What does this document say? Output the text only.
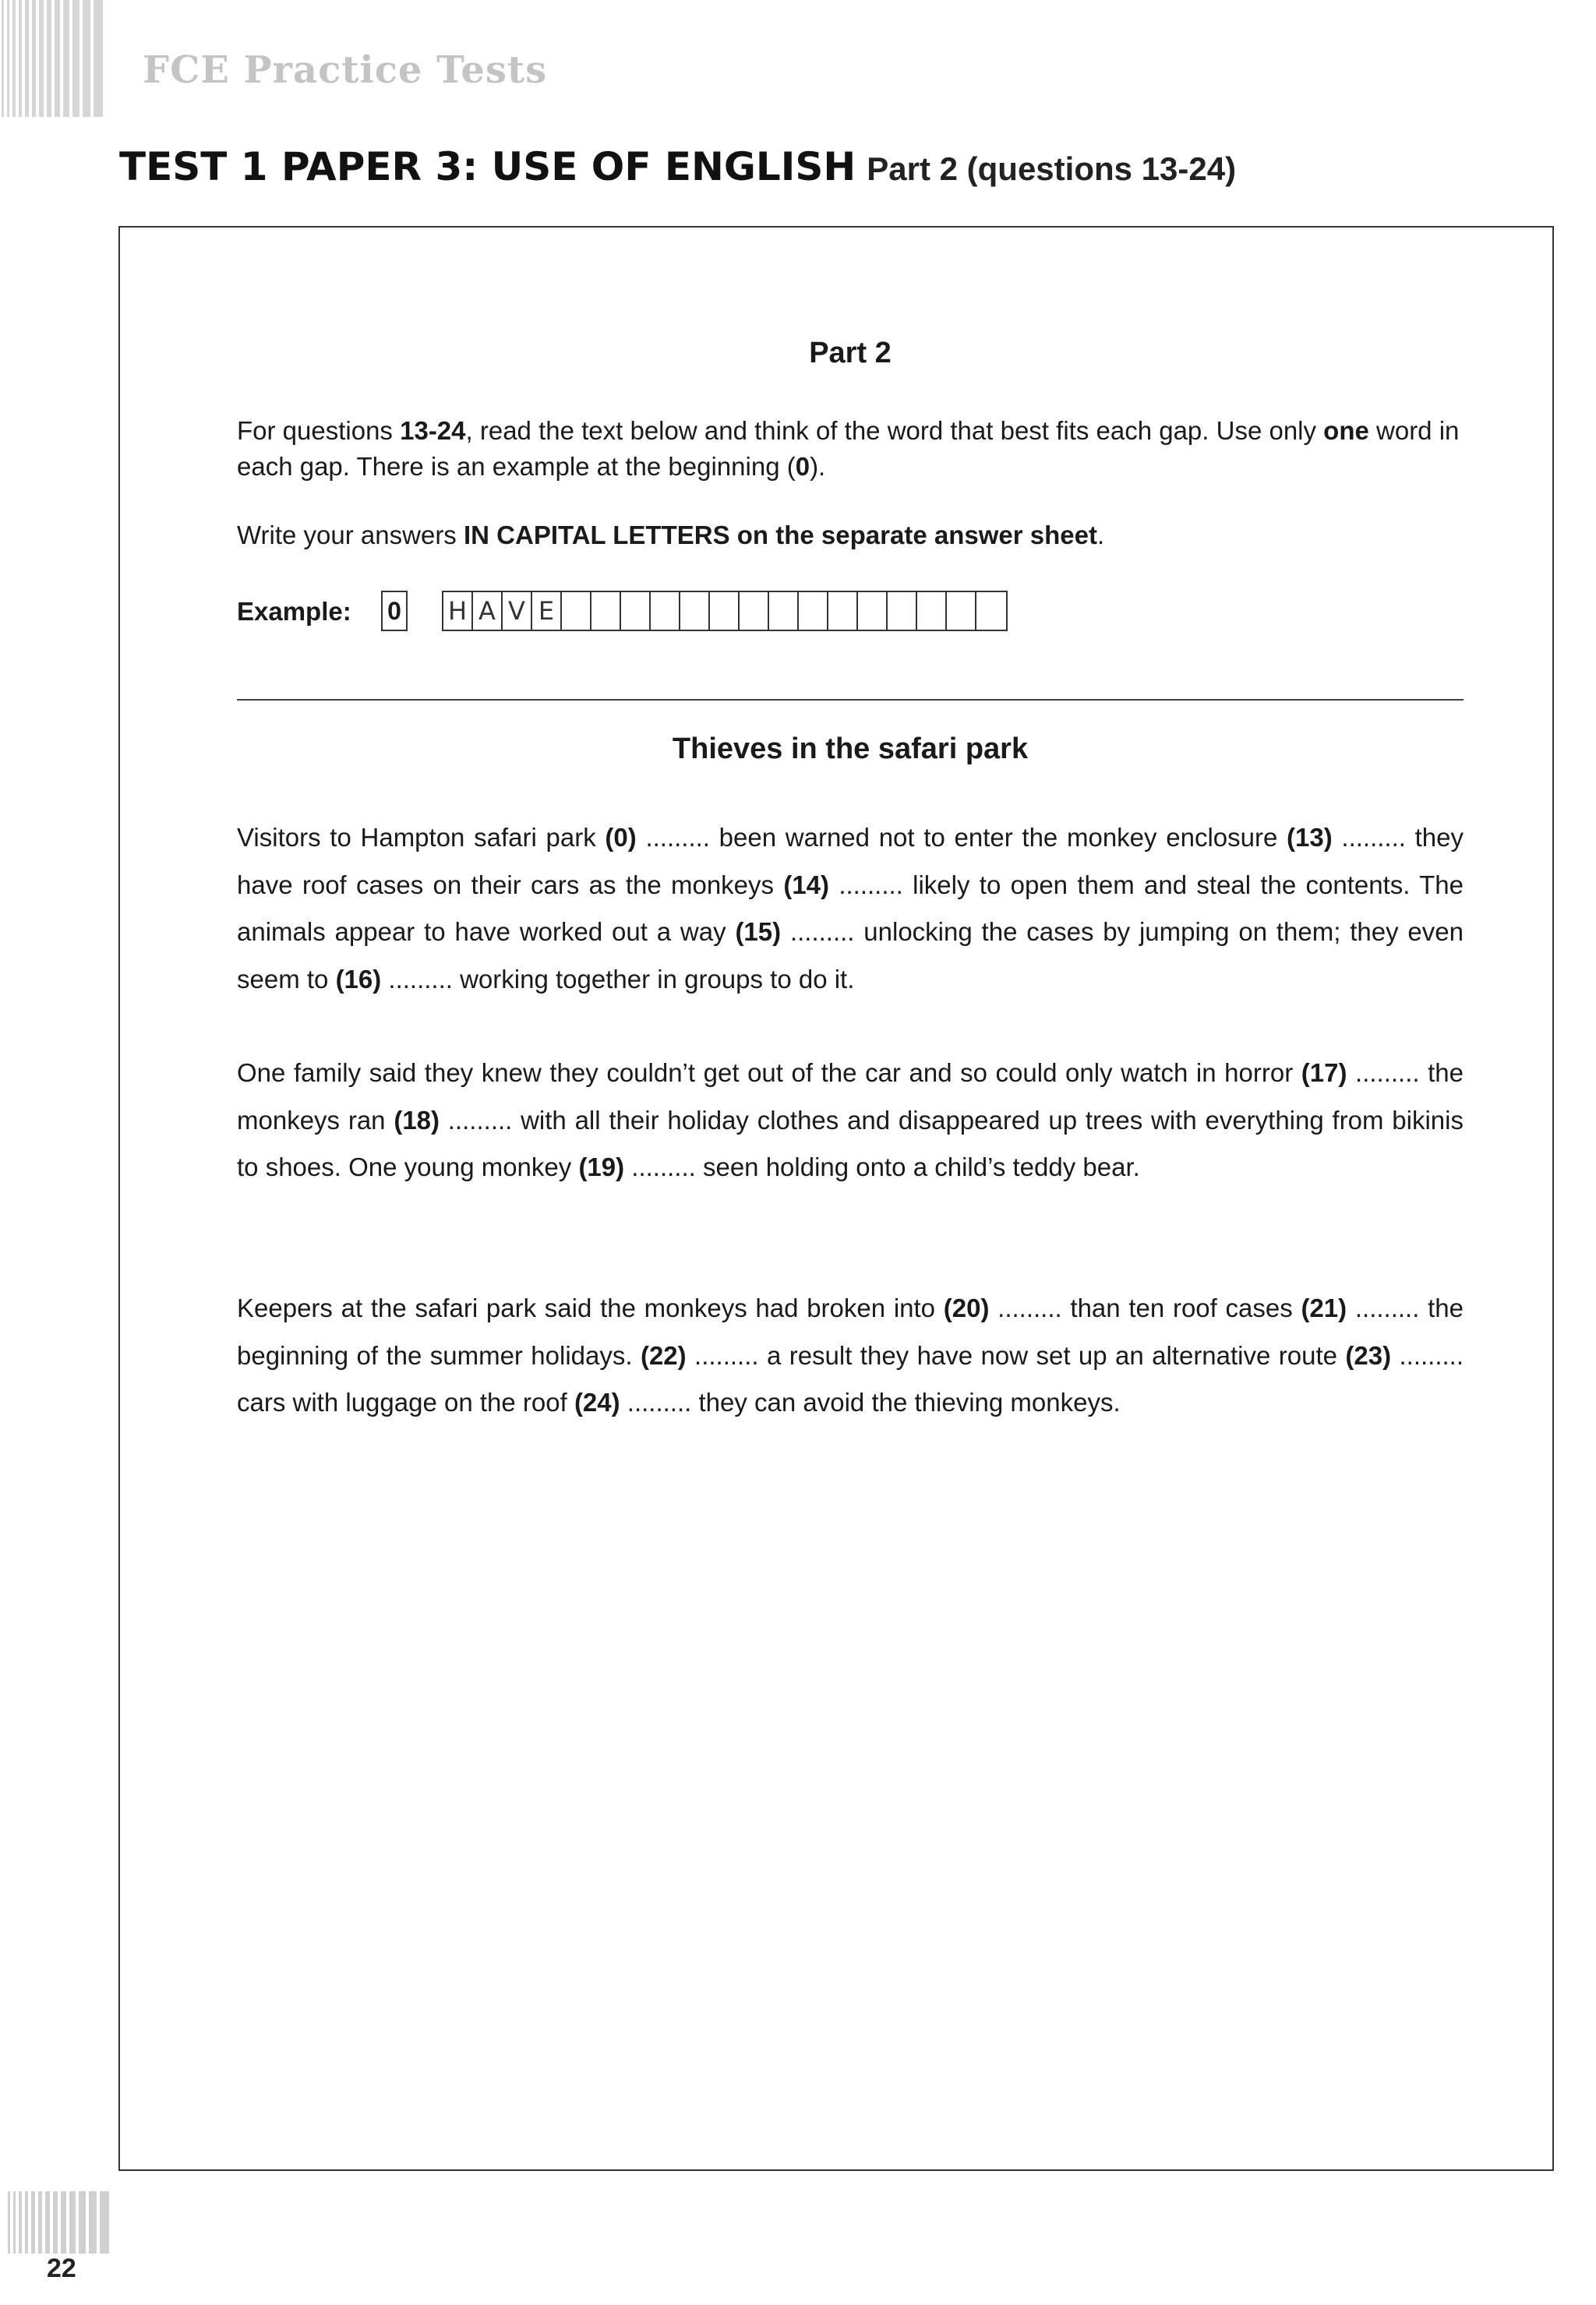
FCE Practice Tests

TEST 1 PAPER 3: USE OF ENGLISH Part 2 (questions 13-24)
Part 2

For questions 13-24, read the text below and think of the word that best fits each gap. Use only one word in each gap. There is an example at the beginning (0).

Write your answers IN CAPITAL LETTERS on the separate answer sheet.

Example: 0 H A V E
Thieves in the safari park

Visitors to Hampton safari park (0) ......... been warned not to enter the monkey enclosure (13) ......... they have roof cases on their cars as the monkeys (14) ......... likely to open them and steal the contents. The animals appear to have worked out a way (15) ......... unlocking the cases by jumping on them; they even seem to (16) ......... working together in groups to do it.

One family said they knew they couldn’t get out of the car and so could only watch in horror (17) ......... the monkeys ran (18) ......... with all their holiday clothes and disappeared up trees with everything from bikinis to shoes. One young monkey (19) ......... seen holding onto a child’s teddy bear.

Keepers at the safari park said the monkeys had broken into (20) ......... than ten roof cases (21) ......... the beginning of the summer holidays. (22) ......... a result they have now set up an alternative route (23) ......... cars with luggage on the roof (24) ......... they can avoid the thieving monkeys.

22
